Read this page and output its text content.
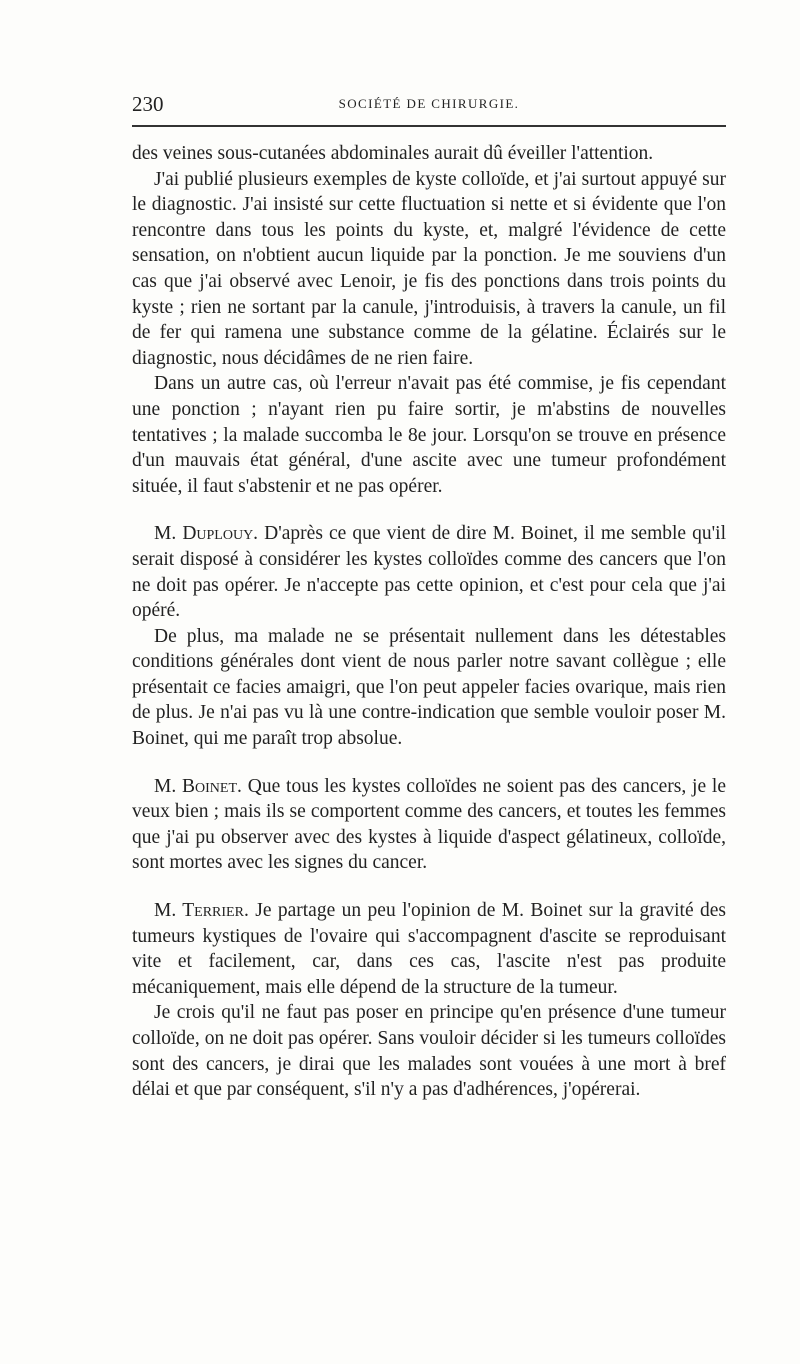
230	SOCIÉTÉ DE CHIRURGIE.

des veines sous-cutanées abdominales aurait dû éveiller l'attention.

J'ai publié plusieurs exemples de kyste colloïde, et j'ai surtout appuyé sur le diagnostic. J'ai insisté sur cette fluctuation si nette et si évidente que l'on rencontre dans tous les points du kyste, et, malgré l'évidence de cette sensation, on n'obtient aucun liquide par la ponction. Je me souviens d'un cas que j'ai observé avec Lenoir, je fis des ponctions dans trois points du kyste ; rien ne sortant par la canule, j'introduisis, à travers la canule, un fil de fer qui ramena une substance comme de la gélatine. Éclairés sur le diagnostic, nous décidâmes de ne rien faire.

Dans un autre cas, où l'erreur n'avait pas été commise, je fis cependant une ponction ; n'ayant rien pu faire sortir, je m'abstins de nouvelles tentatives ; la malade succomba le 8e jour. Lorsqu'on se trouve en présence d'un mauvais état général, d'une ascite avec une tumeur profondément située, il faut s'abstenir et ne pas opérer.

M. Duplouy. D'après ce que vient de dire M. Boinet, il me semble qu'il serait disposé à considérer les kystes colloïdes comme des cancers que l'on ne doit pas opérer. Je n'accepte pas cette opinion, et c'est pour cela que j'ai opéré.

De plus, ma malade ne se présentait nullement dans les détestables conditions générales dont vient de nous parler notre savant collègue ; elle présentait ce facies amaigri, que l'on peut appeler facies ovarique, mais rien de plus. Je n'ai pas vu là une contre-indication que semble vouloir poser M. Boinet, qui me paraît trop absolue.

M. Boinet. Que tous les kystes colloïdes ne soient pas des cancers, je le veux bien ; mais ils se comportent comme des cancers, et toutes les femmes que j'ai pu observer avec des kystes à liquide d'aspect gélatineux, colloïde, sont mortes avec les signes du cancer.

M. Terrier. Je partage un peu l'opinion de M. Boinet sur la gravité des tumeurs kystiques de l'ovaire qui s'accompagnent d'ascite se reproduisant vite et facilement, car, dans ces cas, l'ascite n'est pas produite mécaniquement, mais elle dépend de la structure de la tumeur.

Je crois qu'il ne faut pas poser en principe qu'en présence d'une tumeur colloïde, on ne doit pas opérer. Sans vouloir décider si les tumeurs colloïdes sont des cancers, je dirai que les malades sont vouées à une mort à bref délai et que par conséquent, s'il n'y a pas d'adhérences, j'opérerai.
